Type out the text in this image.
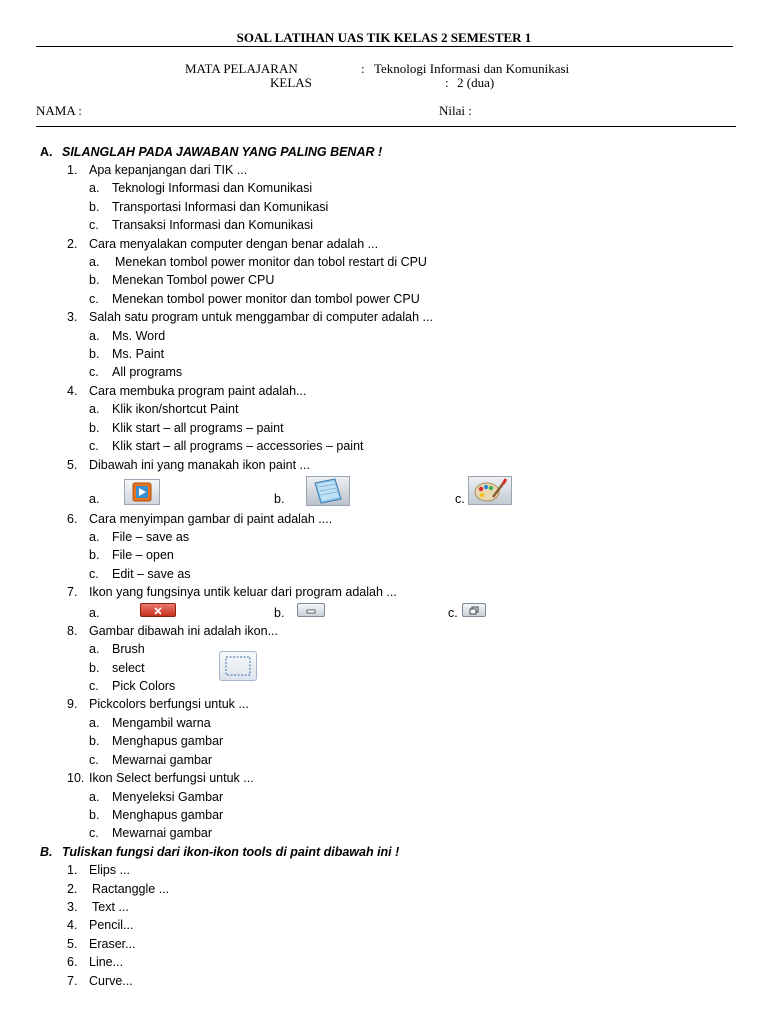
SOAL LATIHAN UAS TIK KELAS 2 SEMESTER 1
MATA PELAJARAN	: Teknologi Informasi dan Komunikasi
KELAS	: 2 (dua)
NAMA :	Nilai :
A. SILANGLAH PADA JAWABAN YANG PALING BENAR !
1. Apa kepanjangan dari TIK ...
a. Teknologi Informasi dan Komunikasi
b. Transportasi Informasi dan Komunikasi
c. Transaksi Informasi dan Komunikasi
2. Cara menyalakan computer dengan benar adalah ...
a. Menekan tombol power monitor dan tobol restart di CPU
b. Menekan Tombol power CPU
c. Menekan tombol power monitor dan tombol power CPU
3. Salah satu program untuk menggambar di computer adalah ...
a. Ms. Word
b. Ms. Paint
c. All programs
4. Cara membuka program paint adalah...
a. Klik ikon/shortcut Paint
b. Klik start – all programs – paint
c. Klik start – all programs – accessories – paint
5. Dibawah ini yang manakah ikon paint ...
a.	b.	c.
6. Cara menyimpan gambar di paint adalah ....
a. File – save as
b. File – open
c. Edit – save as
7. Ikon yang fungsinya untik keluar dari program adalah ...
a.	b.	c.
8. Gambar dibawah ini adalah ikon...
a. Brush
b. select
c. Pick Colors
9. Pickcolors berfungsi untuk ...
a. Mengambil warna
b. Menghapus gambar
c. Mewarnai gambar
10. Ikon Select berfungsi untuk ...
a. Menyeleksi Gambar
b. Menghapus gambar
c. Mewarnai gambar
B. Tuliskan fungsi dari ikon-ikon tools di paint dibawah ini !
1. Elips ...
2. Ractanggle ...
3. Text ...
4. Pencil...
5. Eraser...
6. Line...
7. Curve...
